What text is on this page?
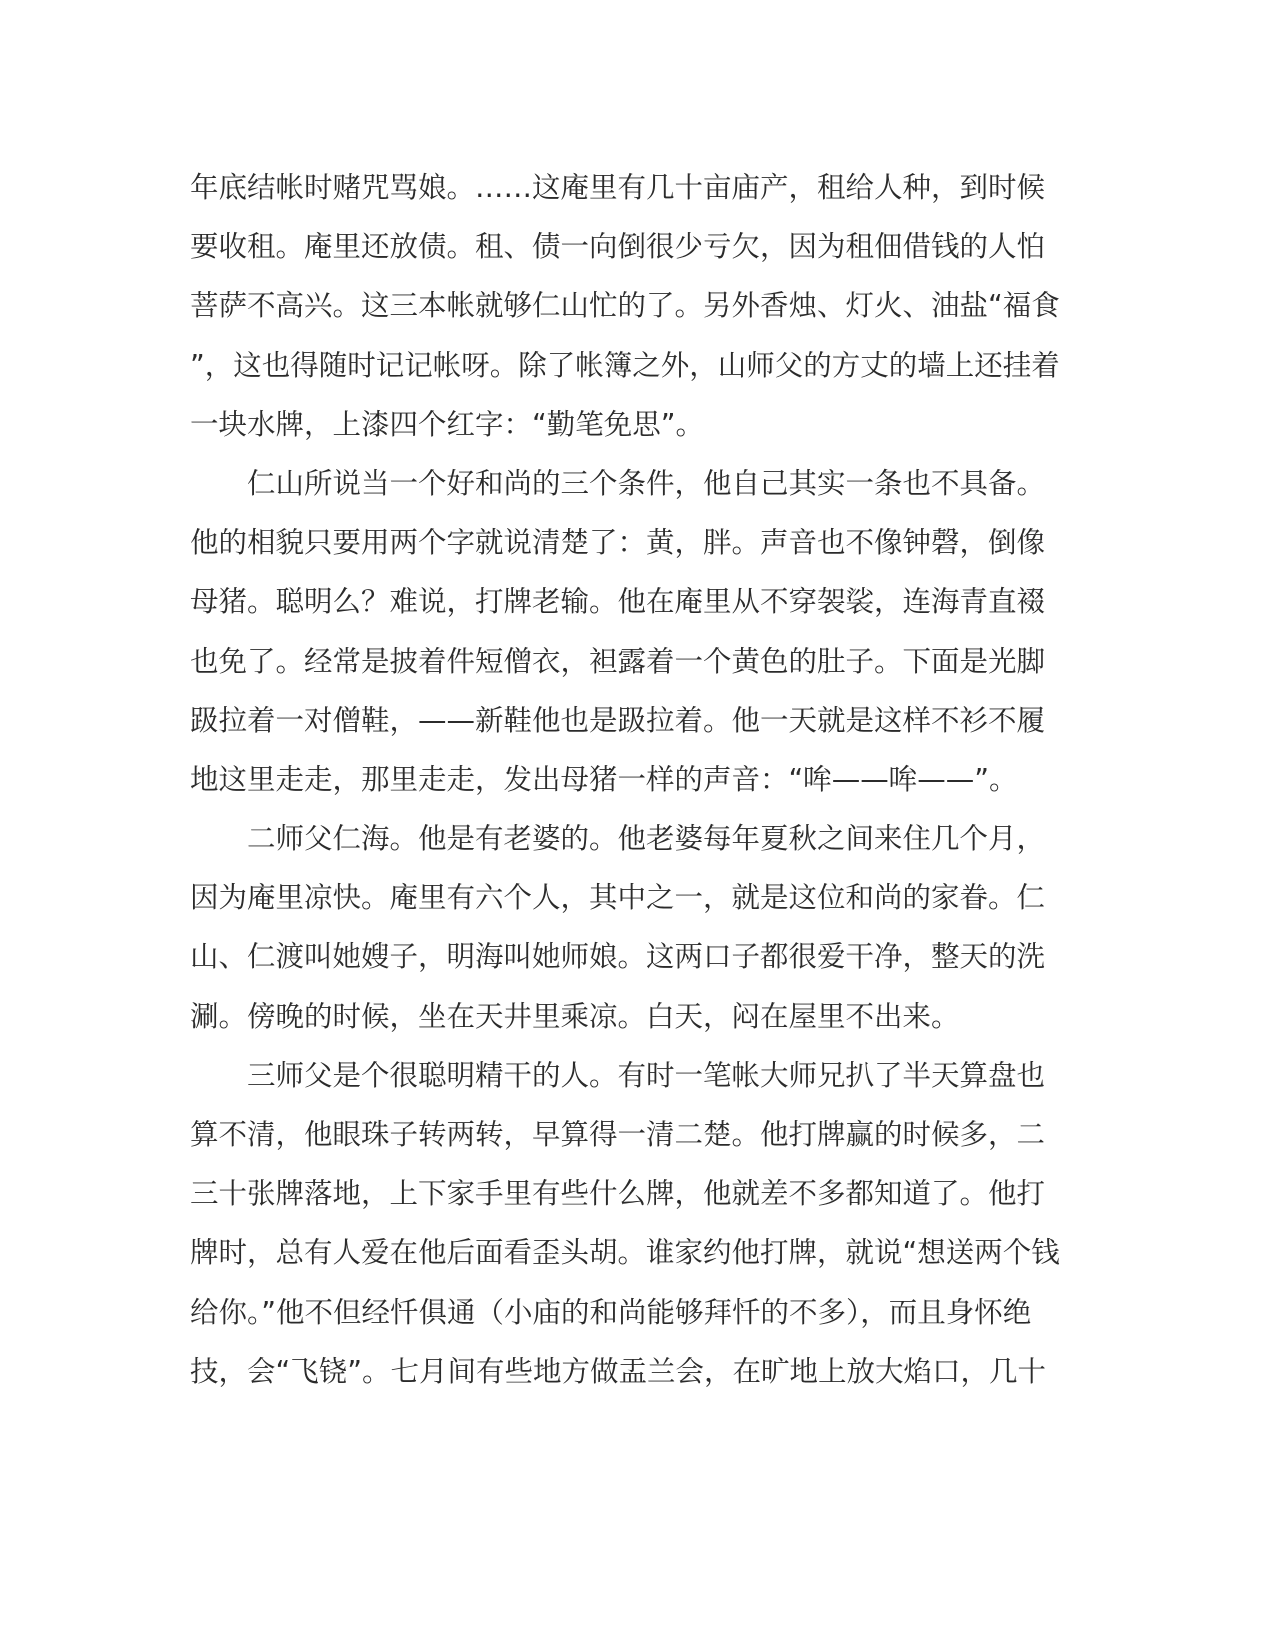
年底结帐时赌咒骂娘。……这庵里有几十亩庙产，租给人种，到时候
要收租。庵里还放债。租、债一向倒很少亏欠，因为租佃借钱的人怕
菩萨不高兴。这三本帐就够仁山忙的了。另外香烛、灯火、油盐“福食
”，这也得随时记记帐呀。除了帐簿之外，山师父的方丈的墙上还挂着
一块水牌，上漆四个红字：“勤笔免思”。
　　仁山所说当一个好和尚的三个条件，他自己其实一条也不具备。
他的相貌只要用两个字就说清楚了：黄，胖。声音也不像钟磬，倒像
母猪。聪明么？难说，打牌老输。他在庵里从不穿袈裟，连海青直裰
也免了。经常是披着件短僧衣，袒露着一个黄色的肚子。下面是光脚
趿拉着一对僧鞋，——新鞋他也是趿拉着。他一天就是这样不衫不履
地这里走走，那里走走，发出母猪一样的声音：“哞——哞——”。
　　二师父仁海。他是有老婆的。他老婆每年夏秋之间来住几个月，
因为庵里凉快。庵里有六个人，其中之一，就是这位和尚的家眷。仁
山、仁渡叫她嫂子，明海叫她师娘。这两口子都很爱干净，整天的洗
涮。傍晚的时候，坐在天井里乘凉。白天，闷在屋里不出来。
　　三师父是个很聪明精干的人。有时一笔帐大师兄扒了半天算盘也
算不清，他眼珠子转两转，早算得一清二楚。他打牌赢的时候多，二
三十张牌落地，上下家手里有些什么牌，他就差不多都知道了。他打
牌时，总有人爱在他后面看歪头胡。谁家约他打牌，就说“想送两个钱
给你。”他不但经忏俱通（小庙的和尚能够拜忏的不多），而且身怀绝
技，会“飞铙”。七月间有些地方做盂兰会，在旷地上放大焰口，几十
